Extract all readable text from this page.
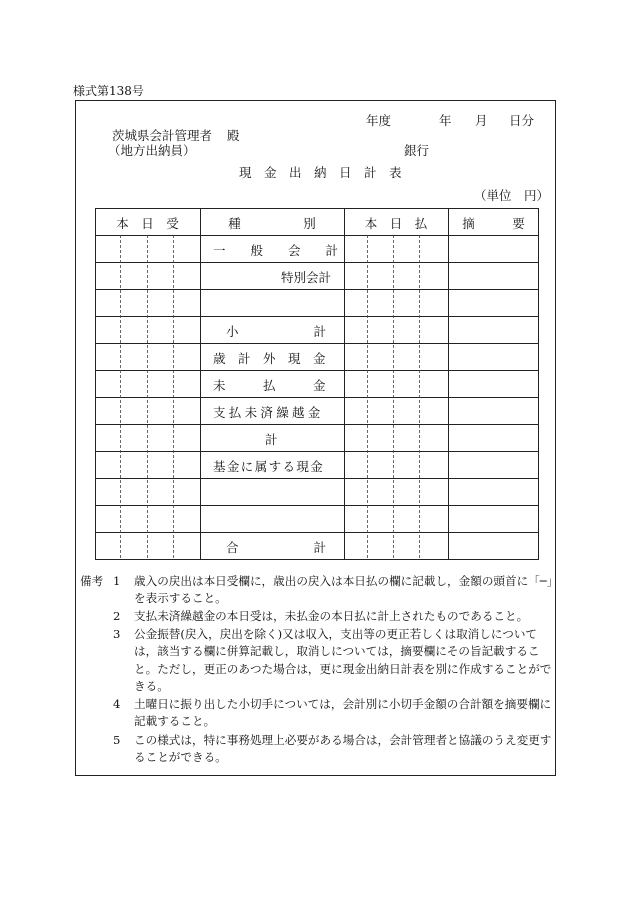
様式第138号
年度	年 月 日分
茨城県会計管理者 殿
（地方出納員）	銀行
現　金　出　納　日　計　表
（単位　円）
本　日　受	種　　　　　別	本　日　払	摘　　　要
一　　般　　会　　計
特別会計
小　　　　　　計
歳　計　外　現　金
未　　　払　　　金
支払未済繰越金
計
基金に属する現金
合　　　　　　計
備考 1 歳入の戻出は本日受欄に，歳出の戻入は本日払の欄に記載し，金額の頭首に「─」を表示すること。
2 支払未済繰越金の本日受は，未払金の本日払に計上されたものであること。
3 公金振替(戻入，戻出を除く)又は収入，支出等の更正若しくは取消しについては，該当する欄に併算記載し，取消しについては，摘要欄にその旨記載すること。ただし，更正のあつた場合は，更に現金出納日計表を別に作成することができる。
4 土曜日に振り出した小切手については，会計別に小切手金額の合計額を摘要欄に記載すること。
5 この様式は，特に事務処理上必要がある場合は，会計管理者と協議のうえ変更することができる。
